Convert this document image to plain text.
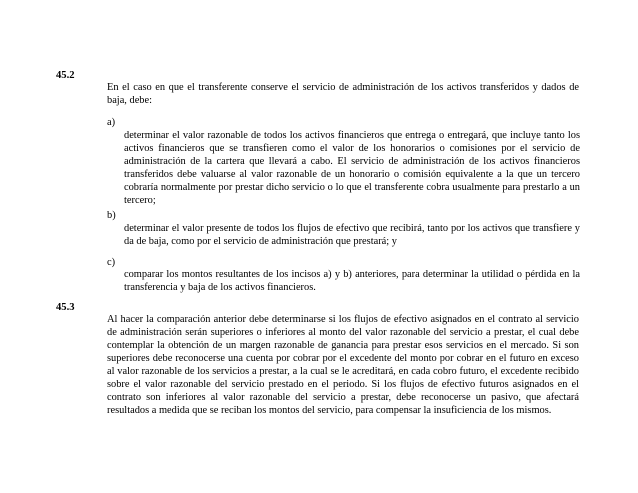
45.2
En el caso en que el transferente conserve el servicio de administración de los activos transferidos y dados de baja, debe:
a)
determinar el valor razonable de todos los activos financieros que entrega o entregará, que incluye tanto los activos financieros que se transfieren como el valor de los honorarios o comisiones por el servicio de administración de la cartera que llevará a cabo. El servicio de administración de los activos financieros transferidos debe valuarse al valor razonable de un honorario o comisión equivalente a la que un tercero cobraría normalmente por prestar dicho servicio o lo que el transferente cobra usualmente para prestarlo a un tercero;
b)
determinar el valor presente de todos los flujos de efectivo que recibirá, tanto por los activos que transfiere y da de baja, como por el servicio de administración que prestará; y
c)
comparar los montos resultantes de los incisos a) y b) anteriores, para determinar la utilidad o pérdida en la transferencia y baja de los activos financieros.
45.3
Al hacer la comparación anterior debe determinarse si los flujos de efectivo asignados en el contrato al servicio de administración serán superiores o inferiores al monto del valor razonable del servicio a prestar, el cual debe contemplar la obtención de un margen razonable de ganancia para prestar esos servicios en el mercado. Si son superiores debe reconocerse una cuenta por cobrar por el excedente del monto por cobrar en el futuro en exceso al valor razonable de los servicios a prestar, a la cual se le acreditará, en cada cobro futuro, el excedente recibido sobre el valor razonable del servicio prestado en el periodo. Si los flujos de efectivo futuros asignados en el contrato son inferiores al valor razonable del servicio a prestar, debe reconocerse un pasivo, que afectará resultados a medida que se reciban los montos del servicio, para compensar la insuficiencia de los mismos.
